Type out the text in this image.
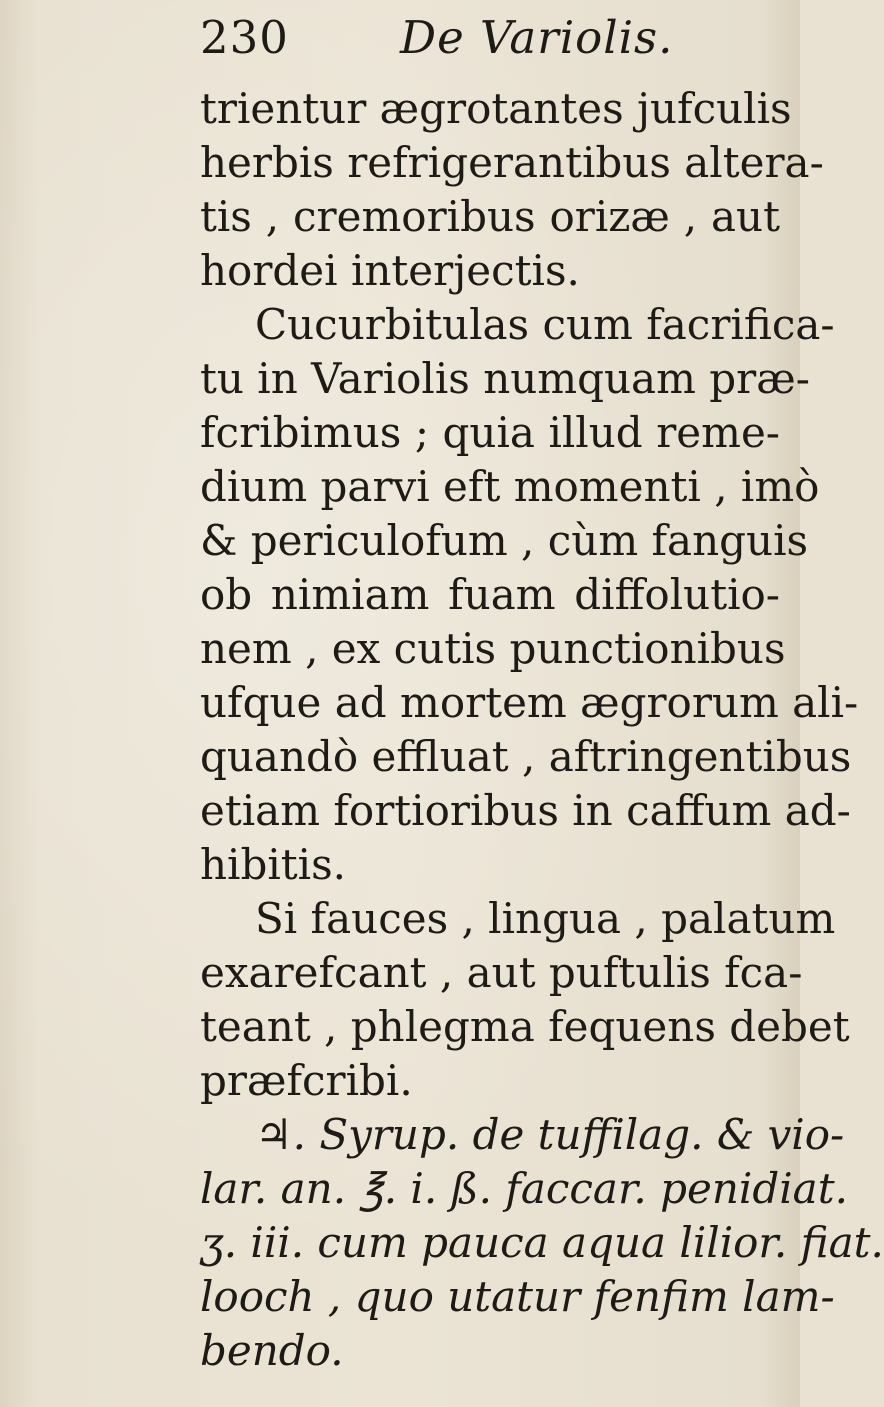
230 De Variolis.
trientur ægrotantes jufculis
herbis refrigerantibus altera-
tis , cremoribus orizæ , aut
hordei interjectis.
Cucurbitulas cum facrifica-
tu in Variolis numquam præ-
fcribimus ; quia illud reme-
dium parvi eft momenti , imò
& periculofum , cùm fanguis
ob nimiam fuam diffolutio-
nem , ex cutis punctionibus
ufque ad mortem ægrorum ali-
quandò effluat , aftringentibus
etiam fortioribus in caffum ad-
hibitis.
Si fauces , lingua , palatum
exarefcant , aut puftulis fca-
teant , phlegma fequens debet
præfcribi.
♃. Syrup. de tuffilag. & vio-
lar. an. ℥. i. ß. faccar. penidiat.
ʒ. iii. cum pauca aqua lilior. fiat.
looch , quo utatur fenfim lam-
bendo.
